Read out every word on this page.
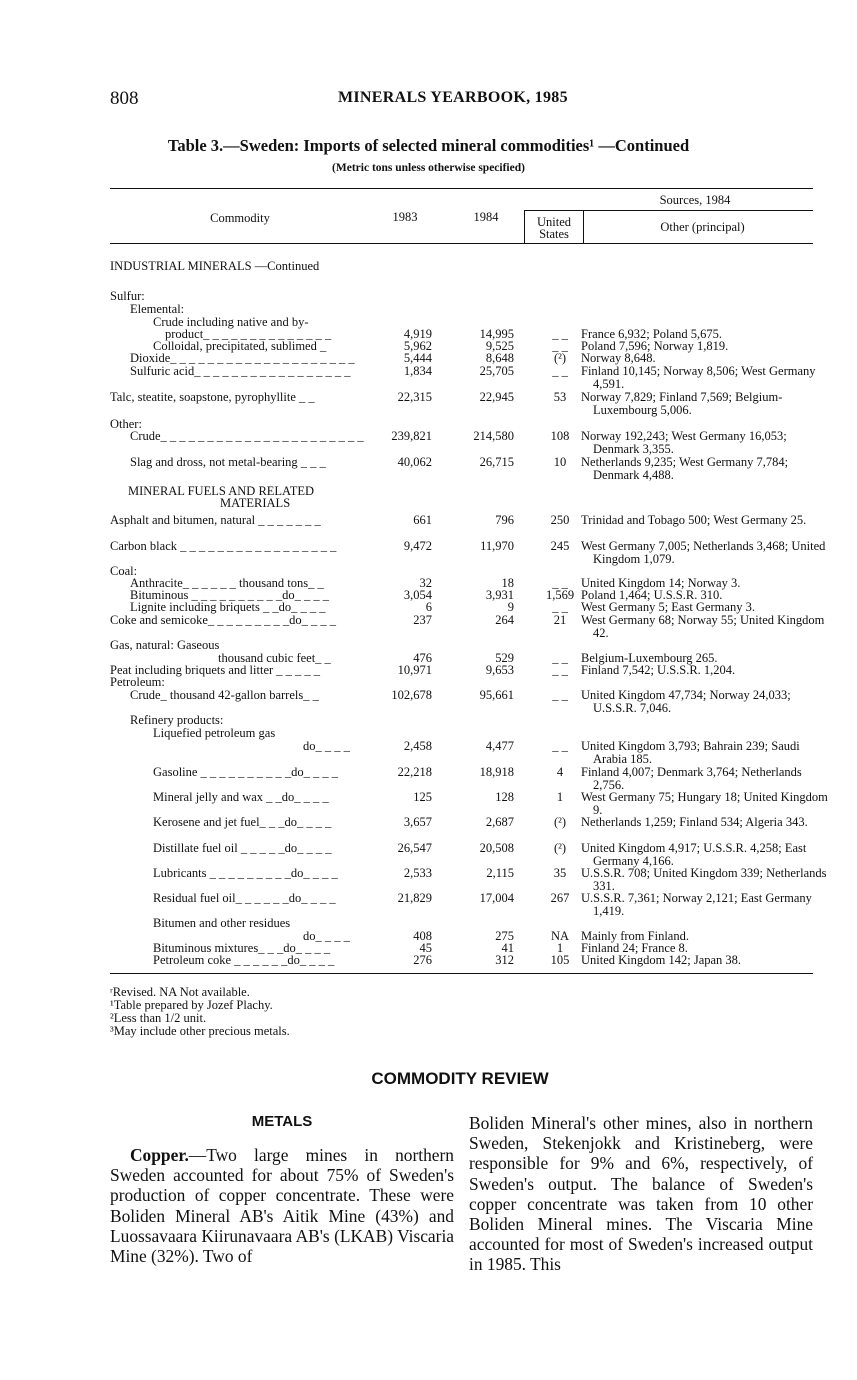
808	MINERALS YEARBOOK, 1985
Table 3.—Sweden: Imports of selected mineral commodities¹ —Continued
(Metric tons unless otherwise specified)
Commodity	1983	1984
Sources, 1984
United
States	Other (principal)
INDUSTRIAL MINERALS —Continued
Sulfur:
Elemental:
Crude including native and by-
product_ _ _ _ _ _ _ _ _ _ _ _ _ _	4,919	14,995	_ _	France 6,932; Poland 5,675.
Colloidal, precipitated, sublimed _	5,962	9,525	_ _	Poland 7,596; Norway 1,819.
Dioxide_ _ _ _ _ _ _ _ _ _ _ _ _ _ _ _ _ _ _ _	5,444	8,648	(²)	Norway 8,648.
Sulfuric acid_ _ _ _ _ _ _ _ _ _ _ _ _ _ _ _ _	1,834	25,705	_ _	Finland 10,145; Norway 8,506; West Germany 4,591.
Talc, steatite, soapstone, pyrophyllite _ _	22,315	22,945	53	Norway 7,829; Finland 7,569; Belgium-Luxembourg 5,006.
Other:
Crude_ _ _ _ _ _ _ _ _ _ _ _ _ _ _ _ _ _ _ _ _ _	239,821	214,580	108 Norway 192,243; West Germany 16,053; Denmark 3,355.
Slag and dross, not metal-bearing _ _ _	40,062	26,715	10	Netherlands 9,235; West Germany 7,784; Denmark 4,488.
MINERAL FUELS AND RELATED
MATERIALS
Asphalt and bitumen, natural _ _ _ _ _ _ _	661	796	250 Trinidad and Tobago 500; West Germany 25.
Carbon black _ _ _ _ _ _ _ _ _ _ _ _ _ _ _ _ _	9,472	11,970	245 West Germany 7,005; Netherlands 3,468; United Kingdom 1,079.
Coal:
Anthracite_ _ _ _ _ _ thousand tons_ _	32	18	_ _	United Kingdom 14; Norway 3.
Bituminous _ _ _ _ _ _ _ _ _ _do_ _ _ _	3,054	3,931	1,569 Poland 1,464; U.S.S.R. 310.
Lignite including briquets _ _do_ _ _ _	6	9	_ _	West Germany 5; East Germany 3.
Coke and semicoke_ _ _ _ _ _ _ _ _do_ _ _ _	237	264	21	West Germany 68; Norway 55; United Kingdom 42.
Gas, natural: Gaseous
thousand cubic feet_ _	476	529	_ _	Belgium-Luxembourg 265.
Peat including briquets and litter _ _ _ _ _	10,971	9,653	_ _	Finland 7,542; U.S.S.R. 1,204.
Petroleum:
Crude_ thousand 42-gallon barrels_ _	102,678	95,661	_ _	United Kingdom 47,734; Norway 24,033; U.S.S.R. 7,046.
Refinery products:
Liquefied petroleum gas
do_ _ _ _	2,458	4,477	_ _	United Kingdom 3,793; Bahrain 239; Saudi Arabia 185.
Gasoline _ _ _ _ _ _ _ _ _ _do_ _ _ _	22,218	18,918	4	Finland 4,007; Denmark 3,764; Netherlands 2,756.
Mineral jelly and wax _ _do_ _ _ _	125	128	1	West Germany 75; Hungary 18; United Kingdom 9.
Kerosene and jet fuel_ _ _do_ _ _ _	3,657	2,687	(²)	Netherlands 1,259; Finland 534; Algeria 343.
Distillate fuel oil _ _ _ _ _do_ _ _ _	26,547	20,508	(²)	United Kingdom 4,917; U.S.S.R. 4,258; East Germany 4,166.
Lubricants _ _ _ _ _ _ _ _ _do_ _ _ _	2,533	2,115	35	U.S.S.R. 708; United Kingdom 339; Netherlands 331.
Residual fuel oil_ _ _ _ _ _do_ _ _ _	21,829	17,004	267 U.S.S.R. 7,361; Norway 2,121; East Germany 1,419.
Bitumen and other residues
do_ _ _ _	408	275	NA Mainly from Finland.
Bituminous mixtures_ _ _do_ _ _ _	45	41	1	Finland 24; France 8.
Petroleum coke _ _ _ _ _ _do_ _ _ _	276	312	105 United Kingdom 142; Japan 38.
ʳRevised. NA Not available.
¹Table prepared by Jozef Plachy.
²Less than 1/2 unit.
³May include other precious metals.
COMMODITY REVIEW
METALS
Copper.—Two large mines in northern Sweden accounted for about 75% of Sweden's production of copper concentrate. These were Boliden Mineral AB's Aitik Mine (43%) and Luossavaara Kiirunavaara AB's (LKAB) Viscaria Mine (32%). Two of
Boliden Mineral's other mines, also in northern Sweden, Stekenjokk and Kristineberg, were responsible for 9% and 6%, respectively, of Sweden's output. The balance of Sweden's copper concentrate was taken from 10 other Boliden Mineral mines. The Viscaria Mine accounted for most of Sweden's increased output in 1985. This
